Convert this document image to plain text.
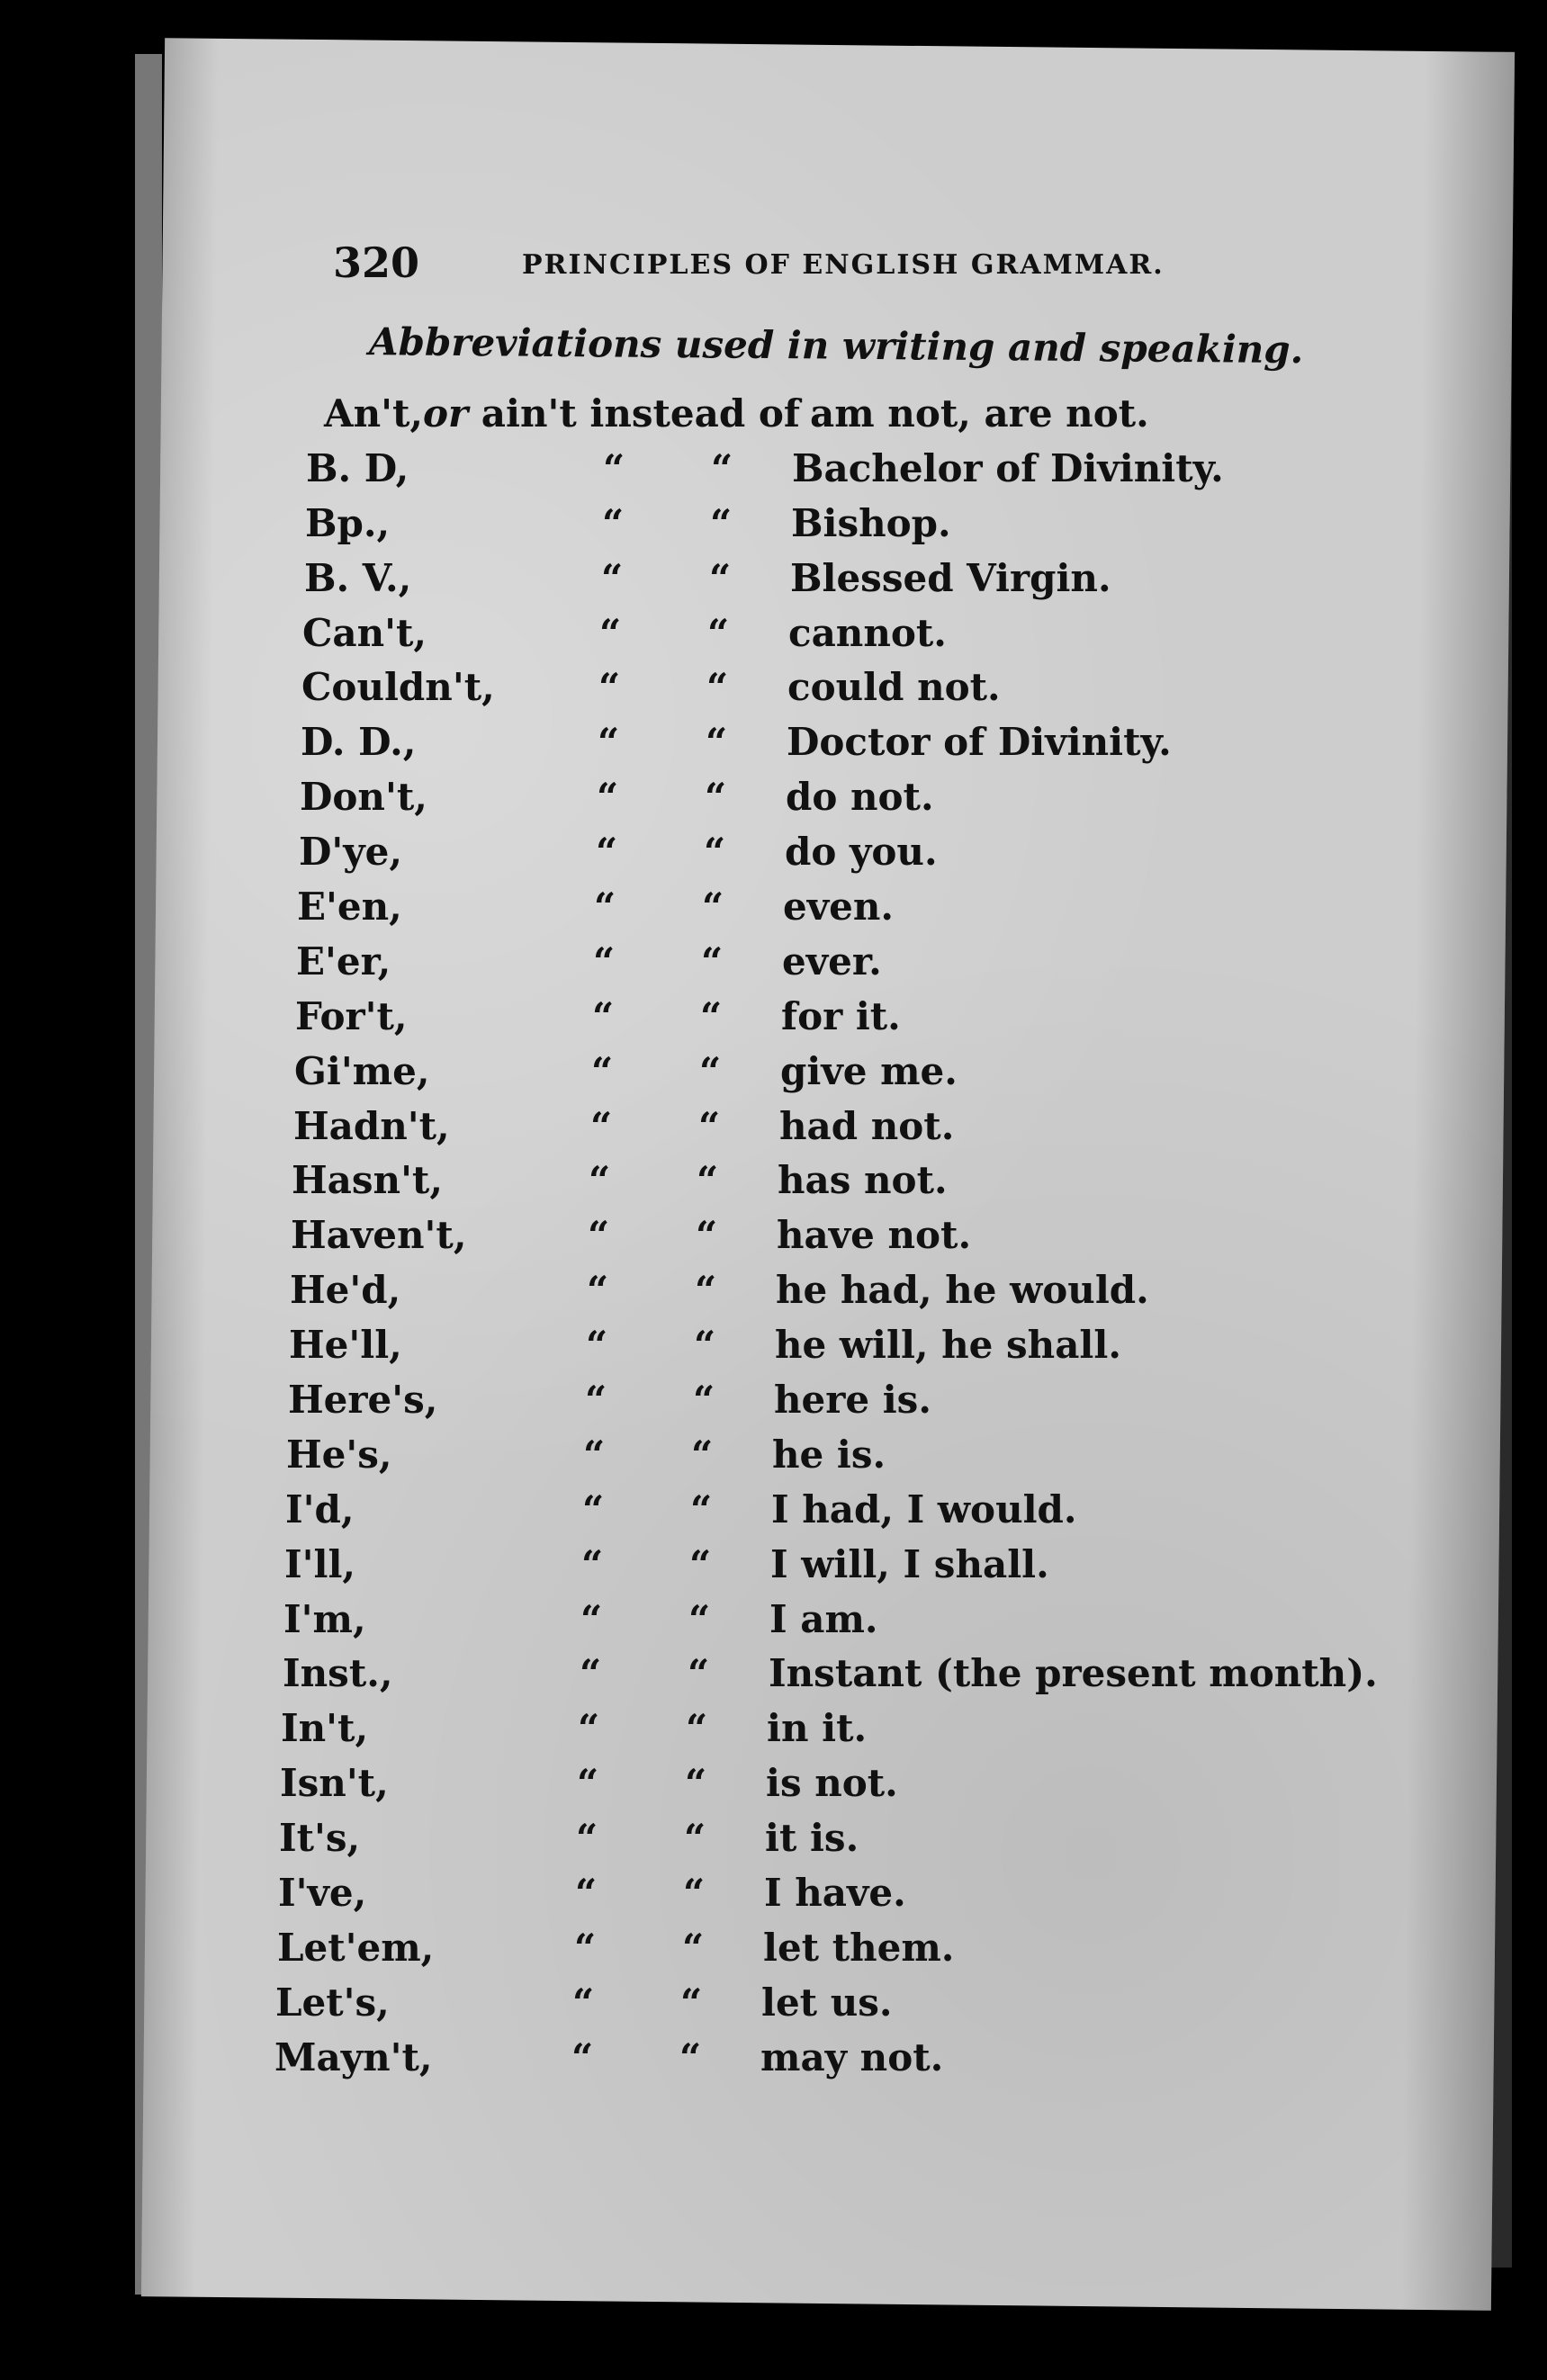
320	PRINCIPLES OF ENGLISH GRAMMAR.
Abbreviations used in writing and speaking.
An't,or ain't instead of am not, are not.
B. D,	“ “ Bachelor of Divinity.
Bp.,	“ “ Bishop.
B. V.,	“ “ Blessed Virgin.
Can't,	“ “ cannot.
Couldn't,	“ “ could not.
D. D.,	“ “ Doctor of Divinity.
Don't,	“ “ do not.
D'ye,	“ “ do you.
E'en,	“ “ even.
E'er,	“ “ ever.
For't,	“ “ for it.
Gi'me,	“ “ give me.
Hadn't,	“ “ had not.
Hasn't,	“ “ has not.
Haven't,	“ “ have not.
He'd,	“ “ he had, he would.
He'll,	“ “ he will, he shall.
Here's,	“ “ here is.
He's,	“ “ he is.
I'd,	“ “ I had, I would.
I'll,	“ “ I will, I shall.
I'm,	“ “ I am.
Inst.,	“ “ Instant (the present month).
In't,	“ “ in it.
Isn't,	“ “ is not.
It's,	“ “ it is.
I've,	“ “ I have.
Let'em,	“ “ let them.
Let's,	“ “ let us.
Mayn't,	“ “ may not.
